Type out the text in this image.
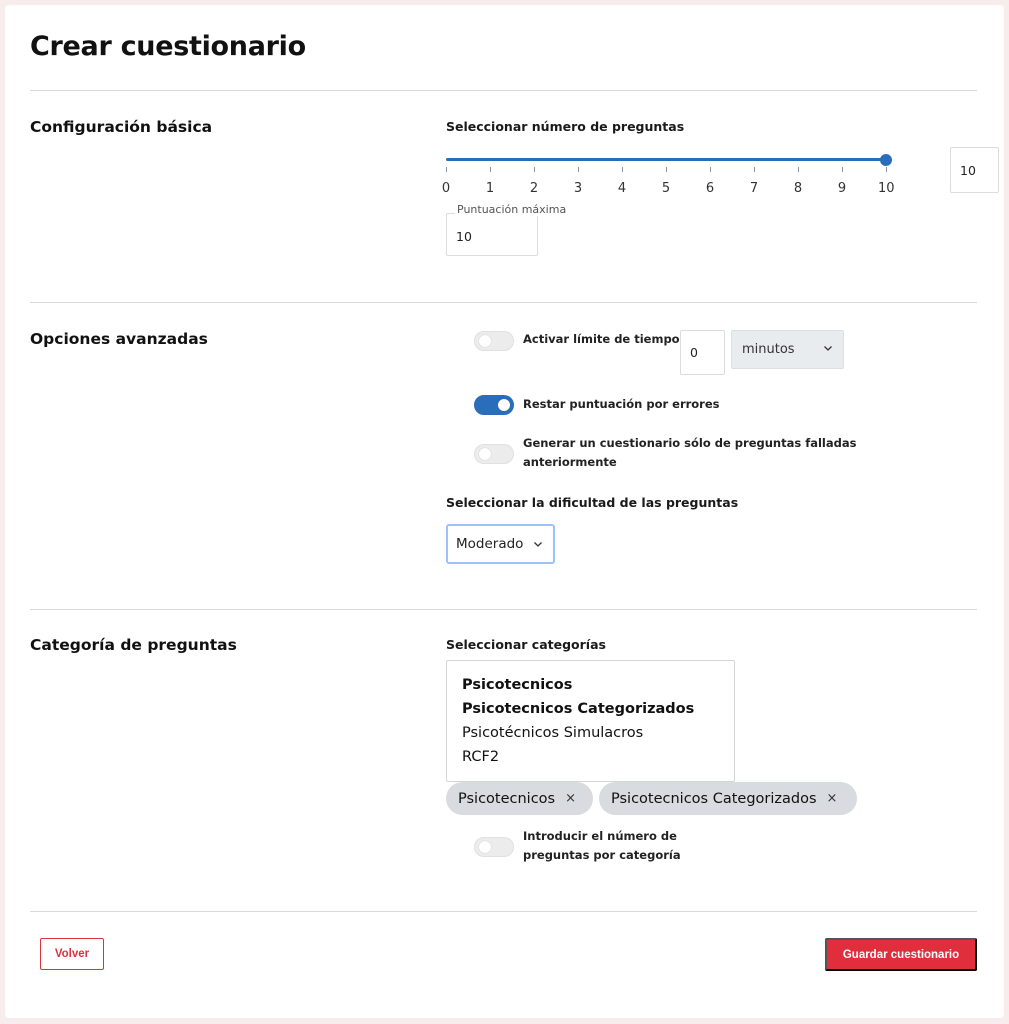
Crear cuestionario
Configuración básica	Seleccionar número de preguntas
0	1	2	3	4	5	6	7	8	9 10
10
10
Puntuación máxima
Opciones avanzadas	Activar límite de tiempo
0	minutos
Restar puntuación por errores
Generar un cuestionario sólo de preguntas falladas
anteriormente
Seleccionar la dificultad de las preguntas
Moderado
Categoría de preguntas	Seleccionar categorías
Psicotecnicos
Psicotecnicos Categorizados
Psicotécnicos Simulacros
RCF2
Psicotecnicos × Psicotecnicos Categorizados ×
Introducir el número de
preguntas por categoría
Volver	Guardar cuestionario
